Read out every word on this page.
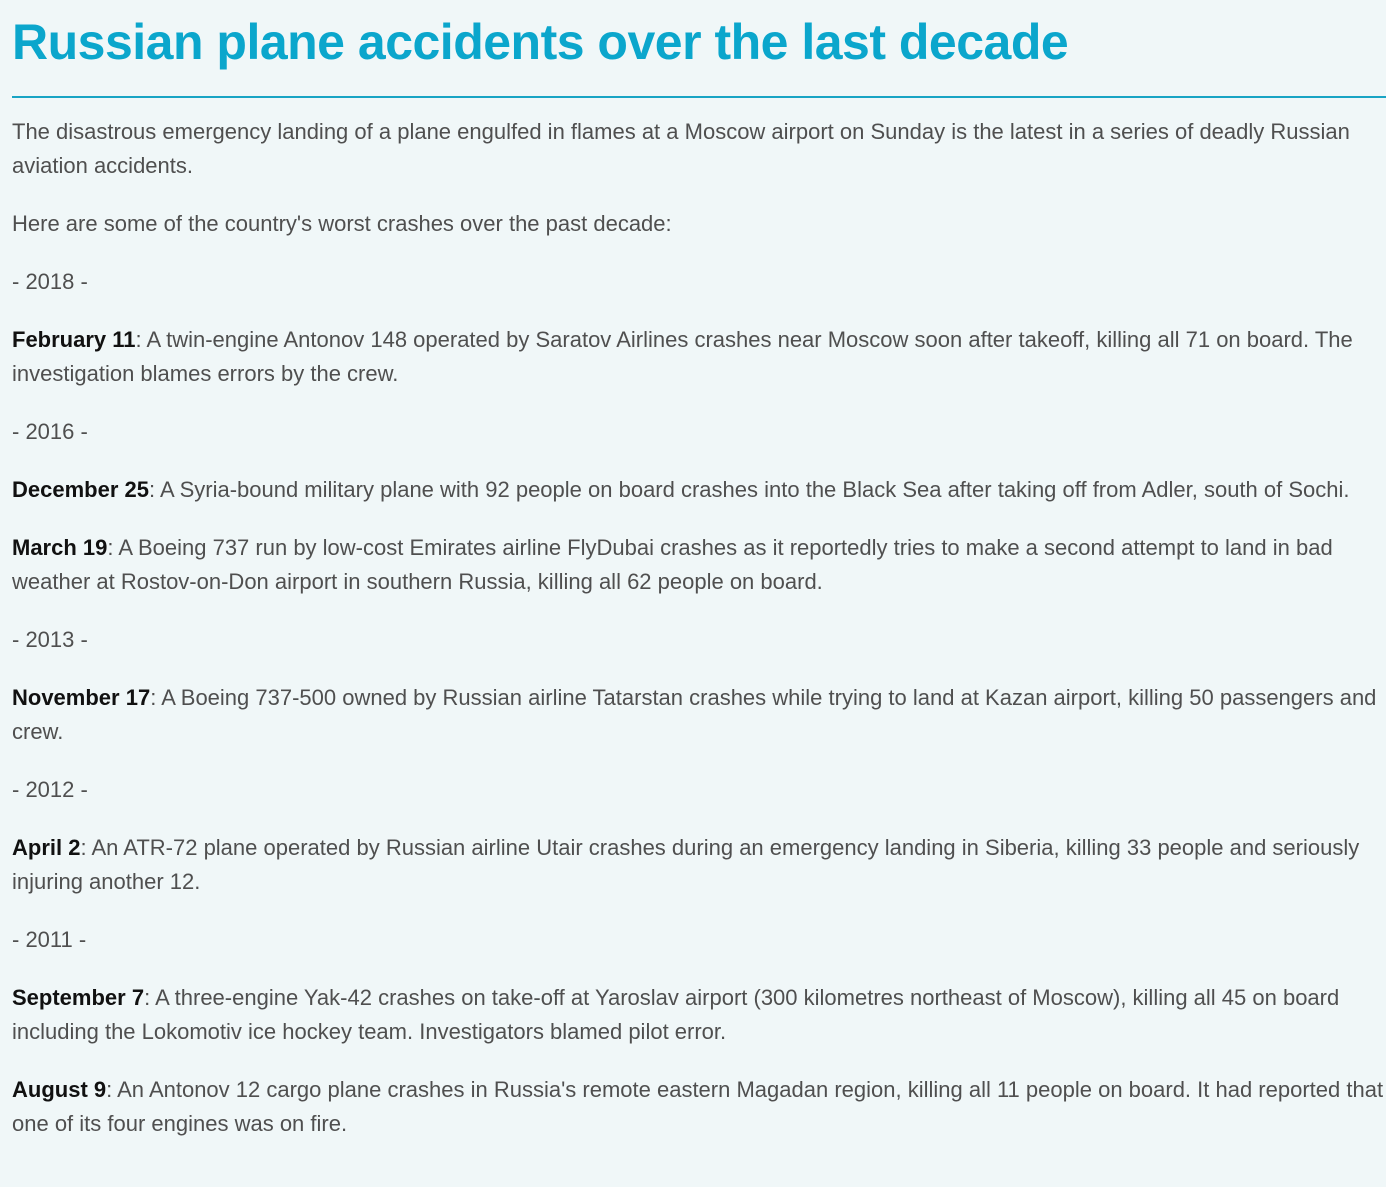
Russian plane accidents over the last decade

The disastrous emergency landing of a plane engulfed in flames at a Moscow airport on Sunday is the latest in a series of deadly Russian aviation accidents.

Here are some of the country's worst crashes over the past decade:

- 2018 -

February 11: A twin-engine Antonov 148 operated by Saratov Airlines crashes near Moscow soon after takeoff, killing all 71 on board. The investigation blames errors by the crew.

- 2016 -

December 25: A Syria-bound military plane with 92 people on board crashes into the Black Sea after taking off from Adler, south of Sochi.

March 19: A Boeing 737 run by low-cost Emirates airline FlyDubai crashes as it reportedly tries to make a second attempt to land in bad weather at Rostov-on-Don airport in southern Russia, killing all 62 people on board.

- 2013 -

November 17: A Boeing 737-500 owned by Russian airline Tatarstan crashes while trying to land at Kazan airport, killing 50 passengers and crew.

- 2012 -

April 2: An ATR-72 plane operated by Russian airline Utair crashes during an emergency landing in Siberia, killing 33 people and seriously injuring another 12.

- 2011 -

September 7: A three-engine Yak-42 crashes on take-off at Yaroslav airport (300 kilometres northeast of Moscow), killing all 45 on board including the Lokomotiv ice hockey team. Investigators blamed pilot error.

August 9: An Antonov 12 cargo plane crashes in Russia's remote eastern Magadan region, killing all 11 people on board. It had reported that one of its four engines was on fire.
